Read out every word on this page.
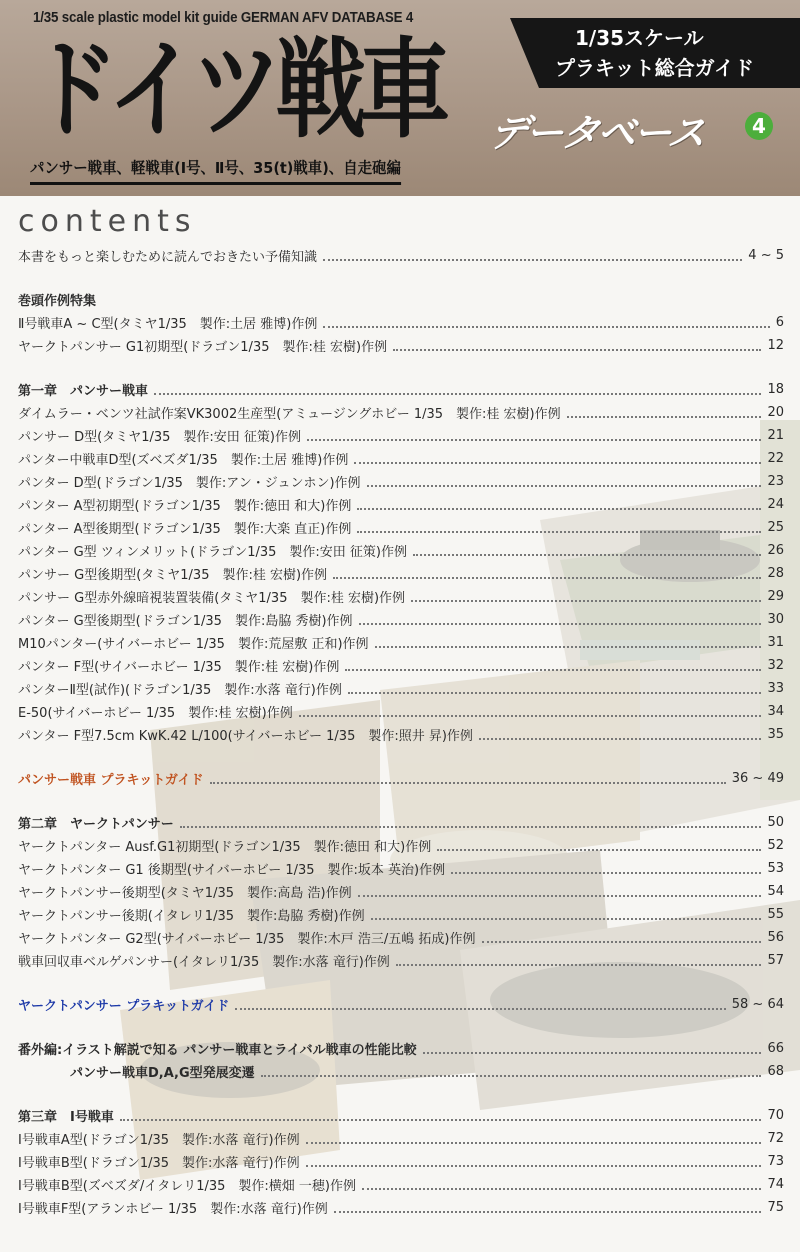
1/35 scale plastic model kit guide GERMAN AFV DATABASE 4
ドイツ戦車
パンサー戦車、軽戦車(Ⅰ号、Ⅱ号、35(t)戦車)、自走砲編
1/35スケール
プラキット総合ガイド
データベース	4
contents
本書をもっと楽しむために読んでおきたい予備知識	4 ~ 5
巻頭作例特集
Ⅱ号戦車A ~ C型(タミヤ1/35　製作:土居 雅博)作例	6
ヤークトパンサー G1初期型(ドラゴン1/35　製作:桂 宏樹)作例	12
第一章　パンサー戦車	18
ダイムラー・ベンツ社試作案VK3002生産型(アミュージングホビー 1/35　製作:桂 宏樹)作例	20
パンサー D型(タミヤ1/35　製作:安田 征策)作例	21
パンター中戦車D型(ズベズダ1/35　製作:土居 雅博)作例	22
パンター D型(ドラゴン1/35　製作:アン・ジュンホン)作例	23
パンター A型初期型(ドラゴン1/35　製作:徳田 和大)作例	24
パンター A型後期型(ドラゴン1/35　製作:大楽 直正)作例	25
パンター G型 ツィンメリット(ドラゴン1/35　製作:安田 征策)作例	26
パンサー G型後期型(タミヤ1/35　製作:桂 宏樹)作例	28
パンサー G型赤外線暗視装置装備(タミヤ1/35　製作:桂 宏樹)作例	29
パンター G型後期型(ドラゴン1/35　製作:島脇 秀樹)作例	30
M10パンター(サイバーホビー 1/35　製作:荒屋敷 正和)作例	31
パンター F型(サイバーホビー 1/35　製作:桂 宏樹)作例	32
パンターⅡ型(試作)(ドラゴン1/35　製作:水落 竜行)作例	33
E-50(サイバーホビー 1/35　製作:桂 宏樹)作例	34
パンター F型7.5cm KwK.42 L/100(サイバーホビー 1/35　製作:照井 昇)作例	35
パンサー戦車 プラキットガイド	36 ~ 49
第二章　ヤークトパンサー	50
ヤークトパンター Ausf.G1初期型(ドラゴン1/35　製作:徳田 和大)作例	52
ヤークトパンター G1 後期型(サイバーホビー 1/35　製作:坂本 英治)作例	53
ヤークトパンサー後期型(タミヤ1/35　製作:高島 浩)作例	54
ヤークトパンサー後期(イタレリ1/35　製作:島脇 秀樹)作例	55
ヤークトパンター G2型(サイバーホビー 1/35　製作:木戸 浩三/五嶋 拓成)作例	56
戦車回収車ベルゲパンサー(イタレリ1/35　製作:水落 竜行)作例	57
ヤークトパンサー プラキットガイド	58 ~ 64
番外編:イラスト解説で知る パンサー戦車とライバル戦車の性能比較	66
パンサー戦車D,A,G型発展変遷	68
第三章　Ⅰ号戦車	70
Ⅰ号戦車A型(ドラゴン1/35　製作:水落 竜行)作例	72
Ⅰ号戦車B型(ドラゴン1/35　製作:水落 竜行)作例	73
Ⅰ号戦車B型(ズベズダ/イタレリ1/35　製作:横畑 一穂)作例	74
Ⅰ号戦車F型(アランホビー 1/35　製作:水落 竜行)作例	75
